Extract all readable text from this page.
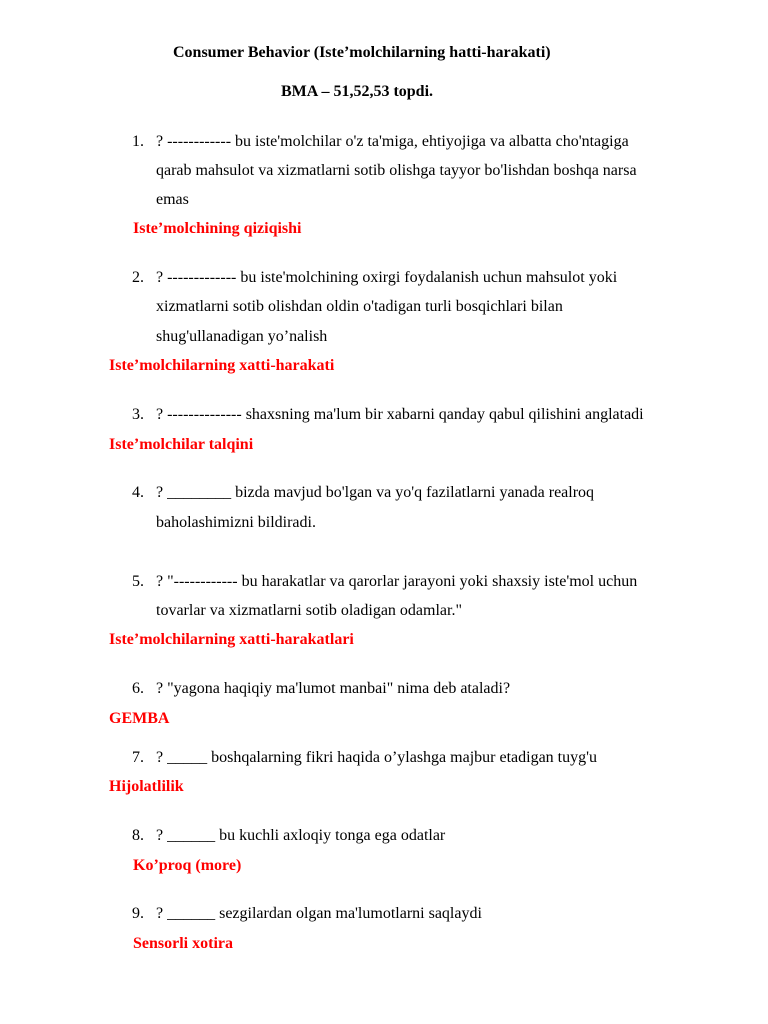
Consumer Behavior (Iste’molchilarning hatti-harakati)
BMA – 51,52,53 topdi.
1. ? ------------ bu iste'molchilar o'z ta'miga, ehtiyojiga va albatta cho'ntagiga
qarab mahsulot va xizmatlarni sotib olishga tayyor bo'lishdan boshqa narsa
emas
Iste’molchining qiziqishi
2. ? ------------- bu iste'molchining oxirgi foydalanish uchun mahsulot yoki
xizmatlarni sotib olishdan oldin o'tadigan turli bosqichlari bilan
shug'ullanadigan yo’nalish
Iste’molchilarning xatti-harakati
3. ? -------------- shaxsning ma'lum bir xabarni qanday qabul qilishini anglatadi
Iste’molchilar talqini
4. ? ________ bizda mavjud bo'lgan va yo'q fazilatlarni yanada realroq
baholashimizni bildiradi.
5. ? "------------ bu harakatlar va qarorlar jarayoni yoki shaxsiy iste'mol uchun
tovarlar va xizmatlarni sotib oladigan odamlar."
Iste’molchilarning xatti-harakatlari
6. ? "yagona haqiqiy ma'lumot manbai" nima deb ataladi?
GEMBA
7. ? _____ boshqalarning fikri haqida o’ylashga majbur etadigan tuyg'u
Hijolatlilik
8. ? ______ bu kuchli axloqiy tonga ega odatlar
Ko’proq (more)
9. ? ______ sezgilardan olgan ma'lumotlarni saqlaydi
Sensorli xotira
